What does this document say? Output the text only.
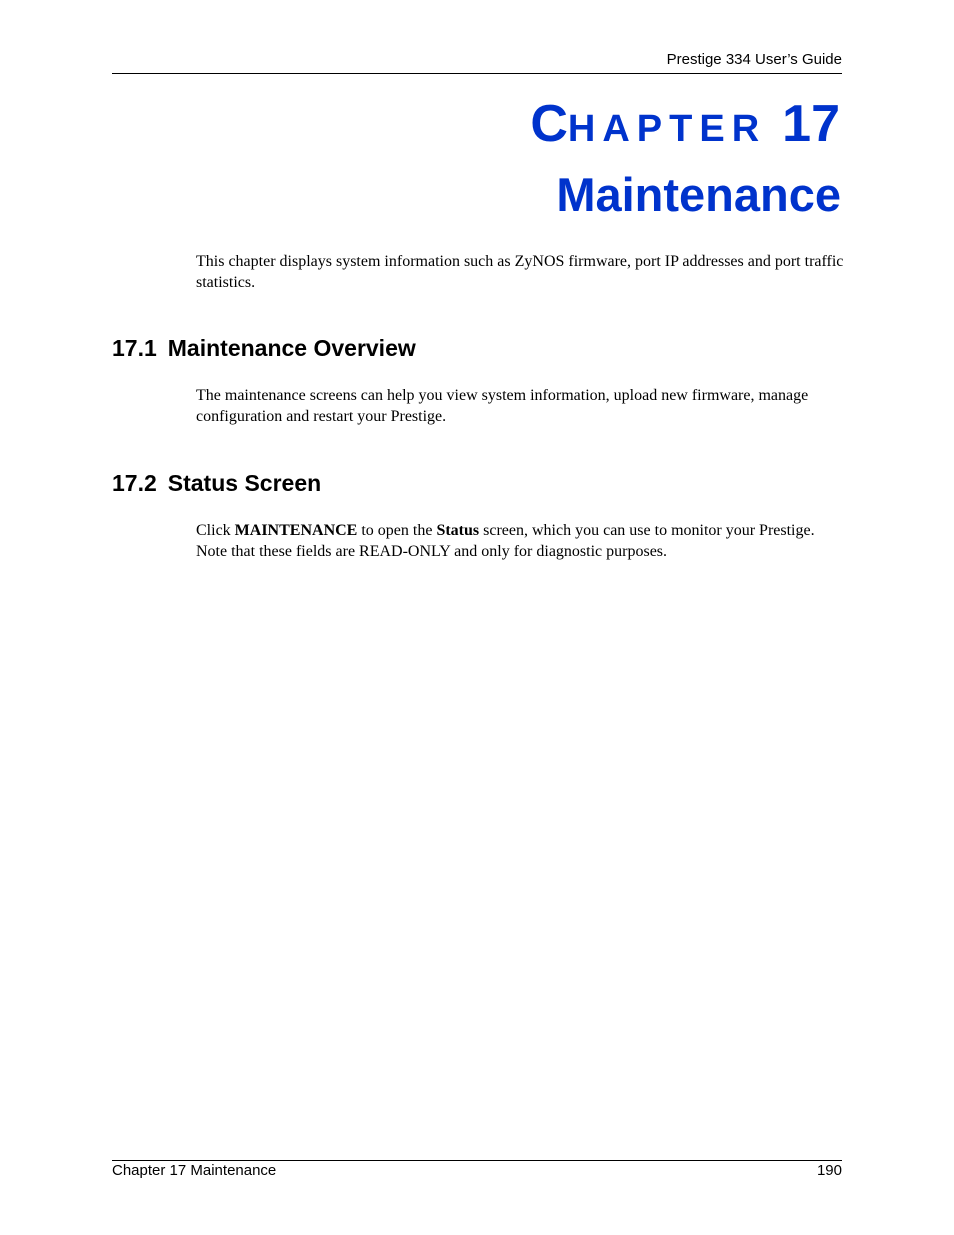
Prestige 334 User’s Guide
CHAPTER 17
Maintenance
This chapter displays system information such as ZyNOS firmware, port IP addresses and port traffic statistics.
17.1 Maintenance Overview
The maintenance screens can help you view system information, upload new firmware, manage configuration and restart your Prestige.
17.2 Status Screen
Click MAINTENANCE to open the Status screen, which you can use to monitor your Prestige. Note that these fields are READ-ONLY and only for diagnostic purposes.
Chapter 17 Maintenance	190
